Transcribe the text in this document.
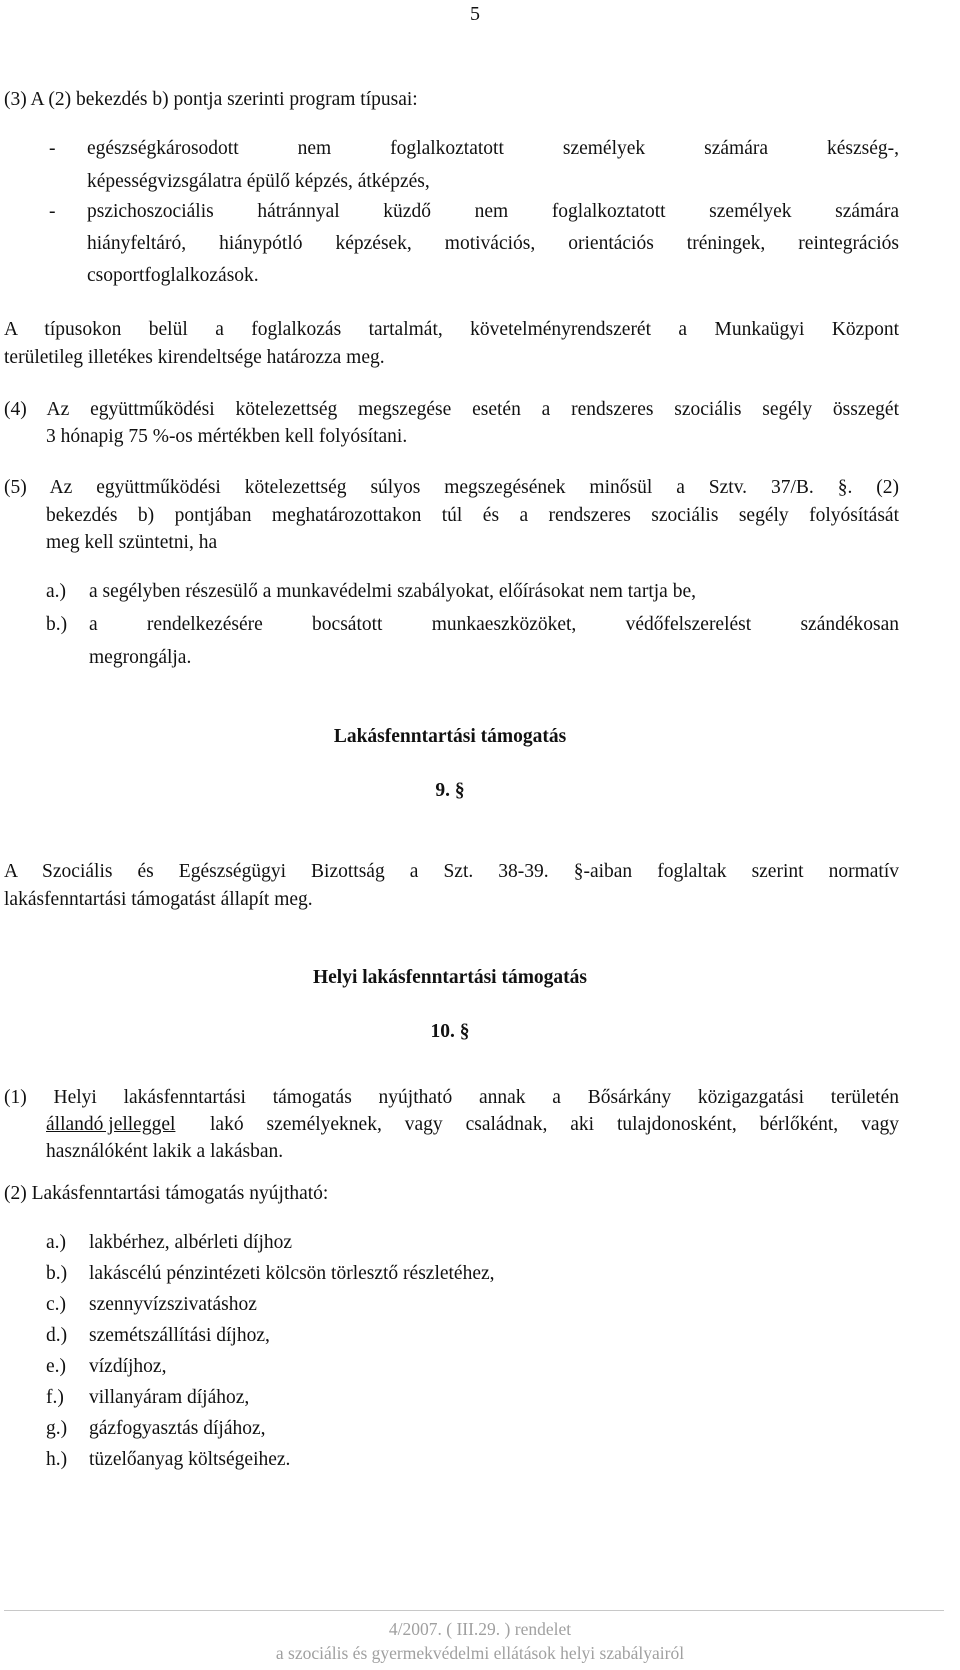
5
(3) A (2) bekezdés b) pontja szerinti program típusai:
- egészségkárosodott nem foglalkoztatott személyek számára készség-,
képességvizsgálatra épülő képzés, átképzés,
- pszichoszociális hátránnyal küzdő nem foglalkoztatott személyek számára
hiányfeltáró, hiánypótló képzések, motivációs, orientációs tréningek, reintegrációs
csoportfoglalkozások.
A típusokon belül a foglalkozás tartalmát, követelményrendszerét a Munkaügyi Központ
területileg illetékes kirendeltsége határozza meg.
(4) Az együttműködési kötelezettség megszegése esetén a rendszeres szociális segély összegét
3 hónapig 75 %-os mértékben kell folyósítani.
(5) Az együttműködési kötelezettség súlyos megszegésének minősül a Sztv. 37/B. §. (2)
bekezdés b) pontjában meghatározottakon túl és a rendszeres szociális segély folyósítását
meg kell szüntetni, ha
a.) a segélyben részesülő a munkavédelmi szabályokat, előírásokat nem tartja be,
b.) a rendelkezésére bocsátott munkaeszközöket, védőfelszerelést szándékosan
megrongálja.
Lakásfenntartási támogatás
9. §
A Szociális és Egészségügyi Bizottság a Szt. 38-39. §-aiban foglaltak szerint normatív
lakásfenntartási támogatást állapít meg.
Helyi lakásfenntartási támogatás
10. §
(1) Helyi lakásfenntartási támogatás nyújtható annak a Bősárkány közigazgatási területén
állandó jelleggel lakó személyeknek, vagy családnak, aki tulajdonosként, bérlőként, vagy
használóként lakik a lakásban.
(2) Lakásfenntartási támogatás nyújtható:
a.) lakbérhez, albérleti díjhoz
b.) lakáscélú pénzintézeti kölcsön törlesztő részletéhez,
c.) szennyvízszivatáshoz
d.) szemétszállítási díjhoz,
e.) vízdíjhoz,
f.) villanyáram díjához,
g.) gázfogyasztás díjához,
h.) tüzelőanyag költségeihez.
4/2007. ( III.29. ) rendelet
a szociális és gyermekvédelmi ellátások helyi szabályairól
